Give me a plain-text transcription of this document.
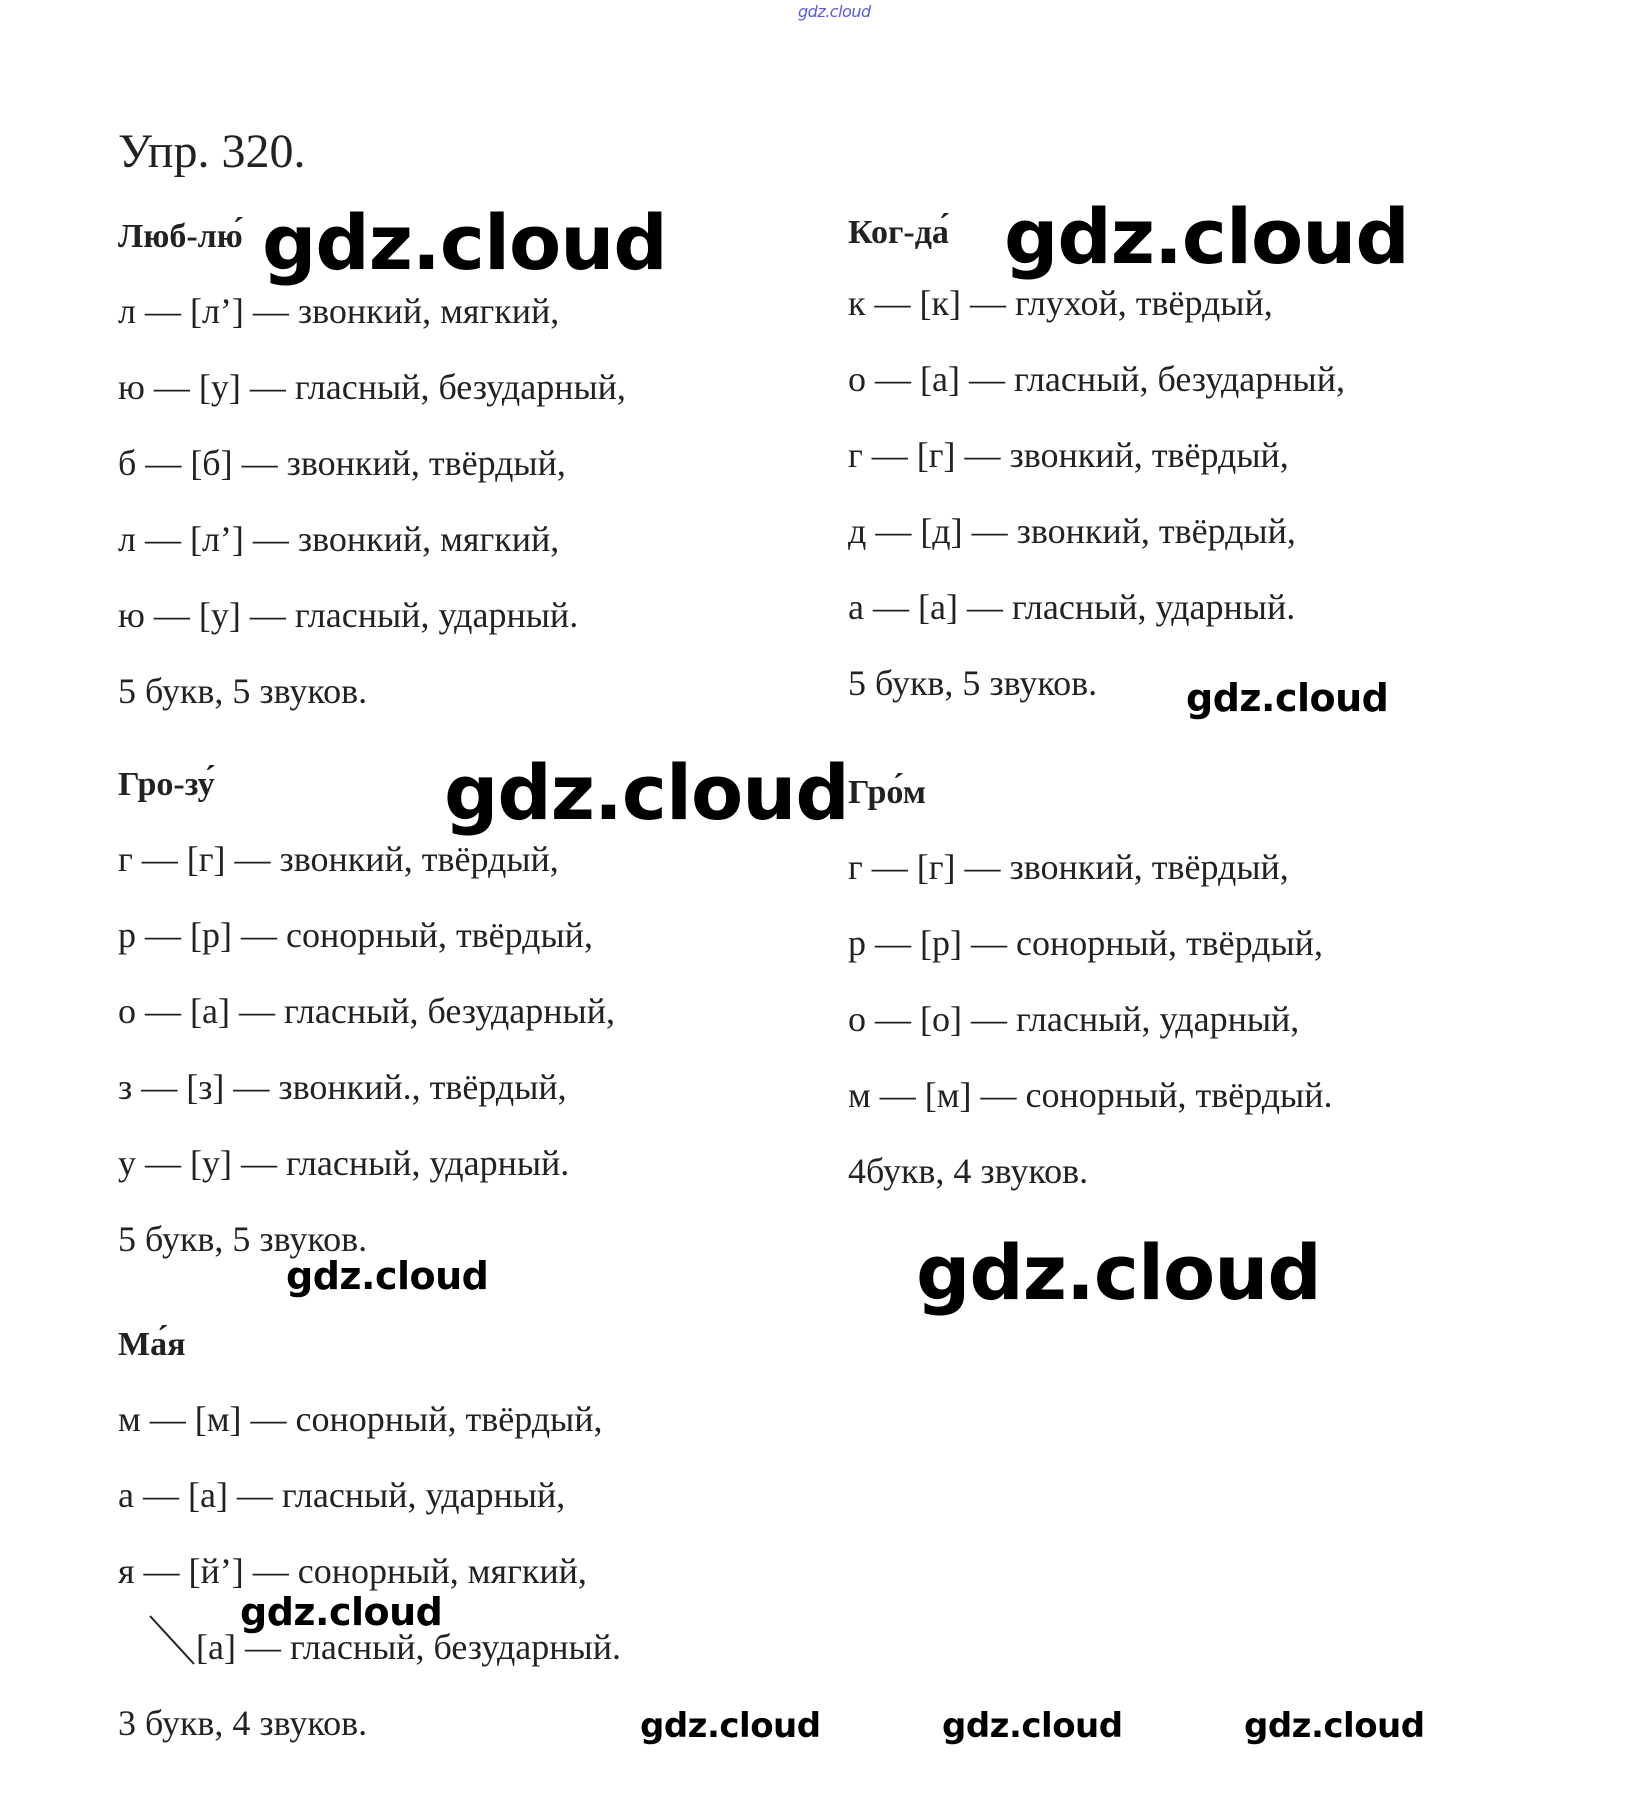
gdz.cloud
Упр. 320.
Люб-лю́
л — [л’] — звонкий, мягкий,
ю — [у] — гласный, безударный,
б — [б] — звонкий, твёрдый,
л — [л’] — звонкий, мягкий,
ю — [у] — гласный, ударный.
5 букв, 5 звуков.
Ког-да́
к — [к] — глухой, твёрдый,
о — [а] — гласный, безударный,
г — [г] — звонкий, твёрдый,
д — [д] — звонкий, твёрдый,
а — [а] — гласный, ударный.
5 букв, 5 звуков.
Гро-зу́
г — [г] — звонкий, твёрдый,
р — [р] — сонорный, твёрдый,
о — [а] — гласный, безударный,
з — [з] — звонкий., твёрдый,
у — [у] — гласный, ударный.
5 букв, 5 звуков.
Гро́м
г — [г] — звонкий, твёрдый,
р — [р] — сонорный, твёрдый,
о — [о] — гласный, ударный,
м — [м] — сонорный, твёрдый.
4букв, 4 звуков.
Ма́я
м — [м] — сонорный, твёрдый,
а — [а] — гласный, ударный,
я — [й’] — сонорный, мягкий,
[а] — гласный, безударный.
3 букв, 4 звуков.
gdz.cloud	gdz.cloud
gdz.cloud
gdz.cloud
gdz.cloud	gdz.cloud
gdz.cloud
gdz.cloud	gdz.cloud	gdz.cloud
